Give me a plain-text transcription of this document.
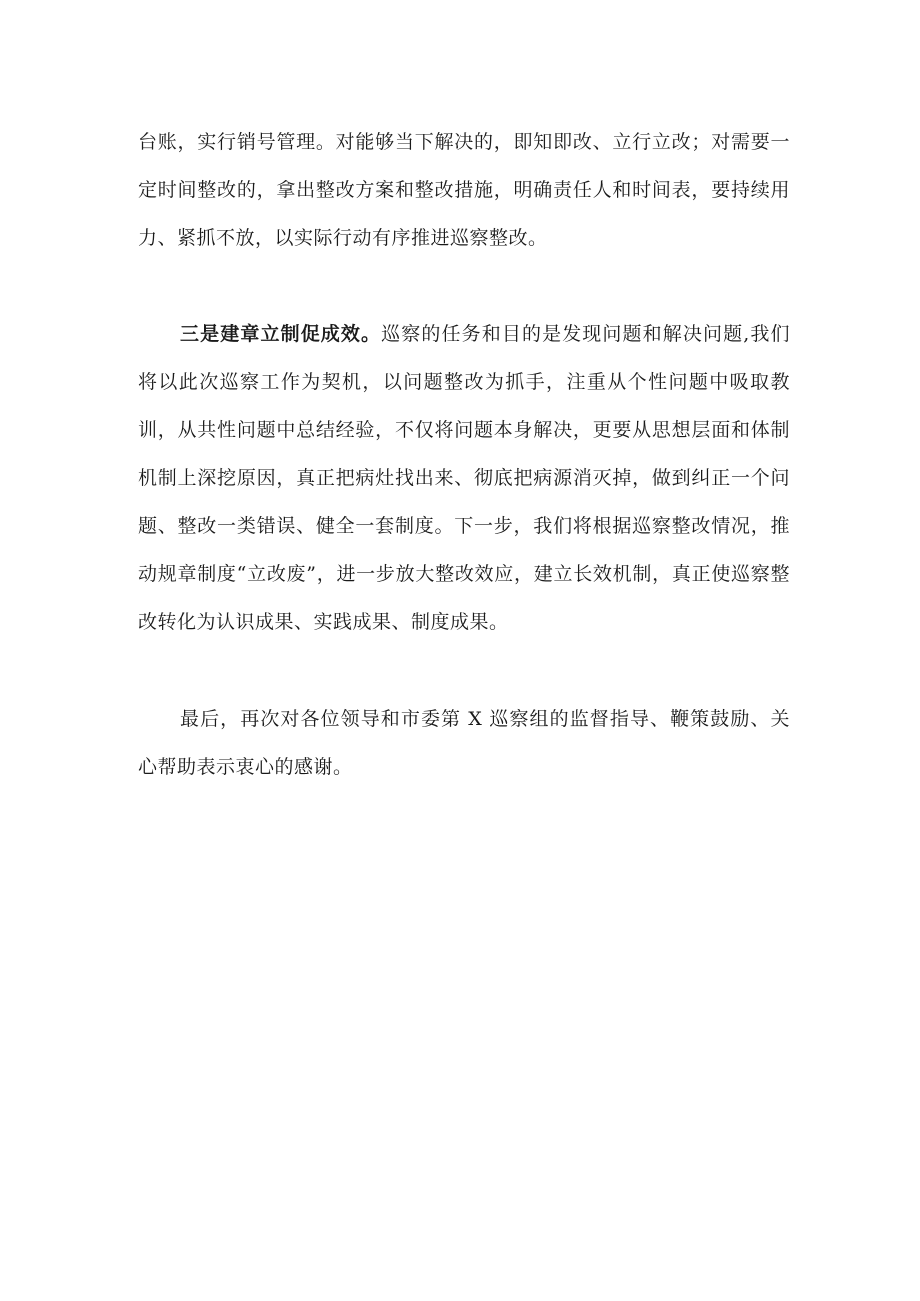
台账，实行销号管理。对能够当下解决的，即知即改、立行立改；对需要一定时间整改的，拿出整改方案和整改措施，明确责任人和时间表，要持续用力、紧抓不放，以实际行动有序推进巡察整改。

三是建章立制促成效。巡察的任务和目的是发现问题和解决问题,我们将以此次巡察工作为契机，以问题整改为抓手，注重从个性问题中吸取教训，从共性问题中总结经验，不仅将问题本身解决，更要从思想层面和体制机制上深挖原因，真正把病灶找出来、彻底把病源消灭掉，做到纠正一个问题、整改一类错误、健全一套制度。下一步，我们将根据巡察整改情况，推动规章制度“立改废”，进一步放大整改效应，建立长效机制，真正使巡察整改转化为认识成果、实践成果、制度成果。

最后，再次对各位领导和市委第 X 巡察组的监督指导、鞭策鼓励、关心帮助表示衷心的感谢。
